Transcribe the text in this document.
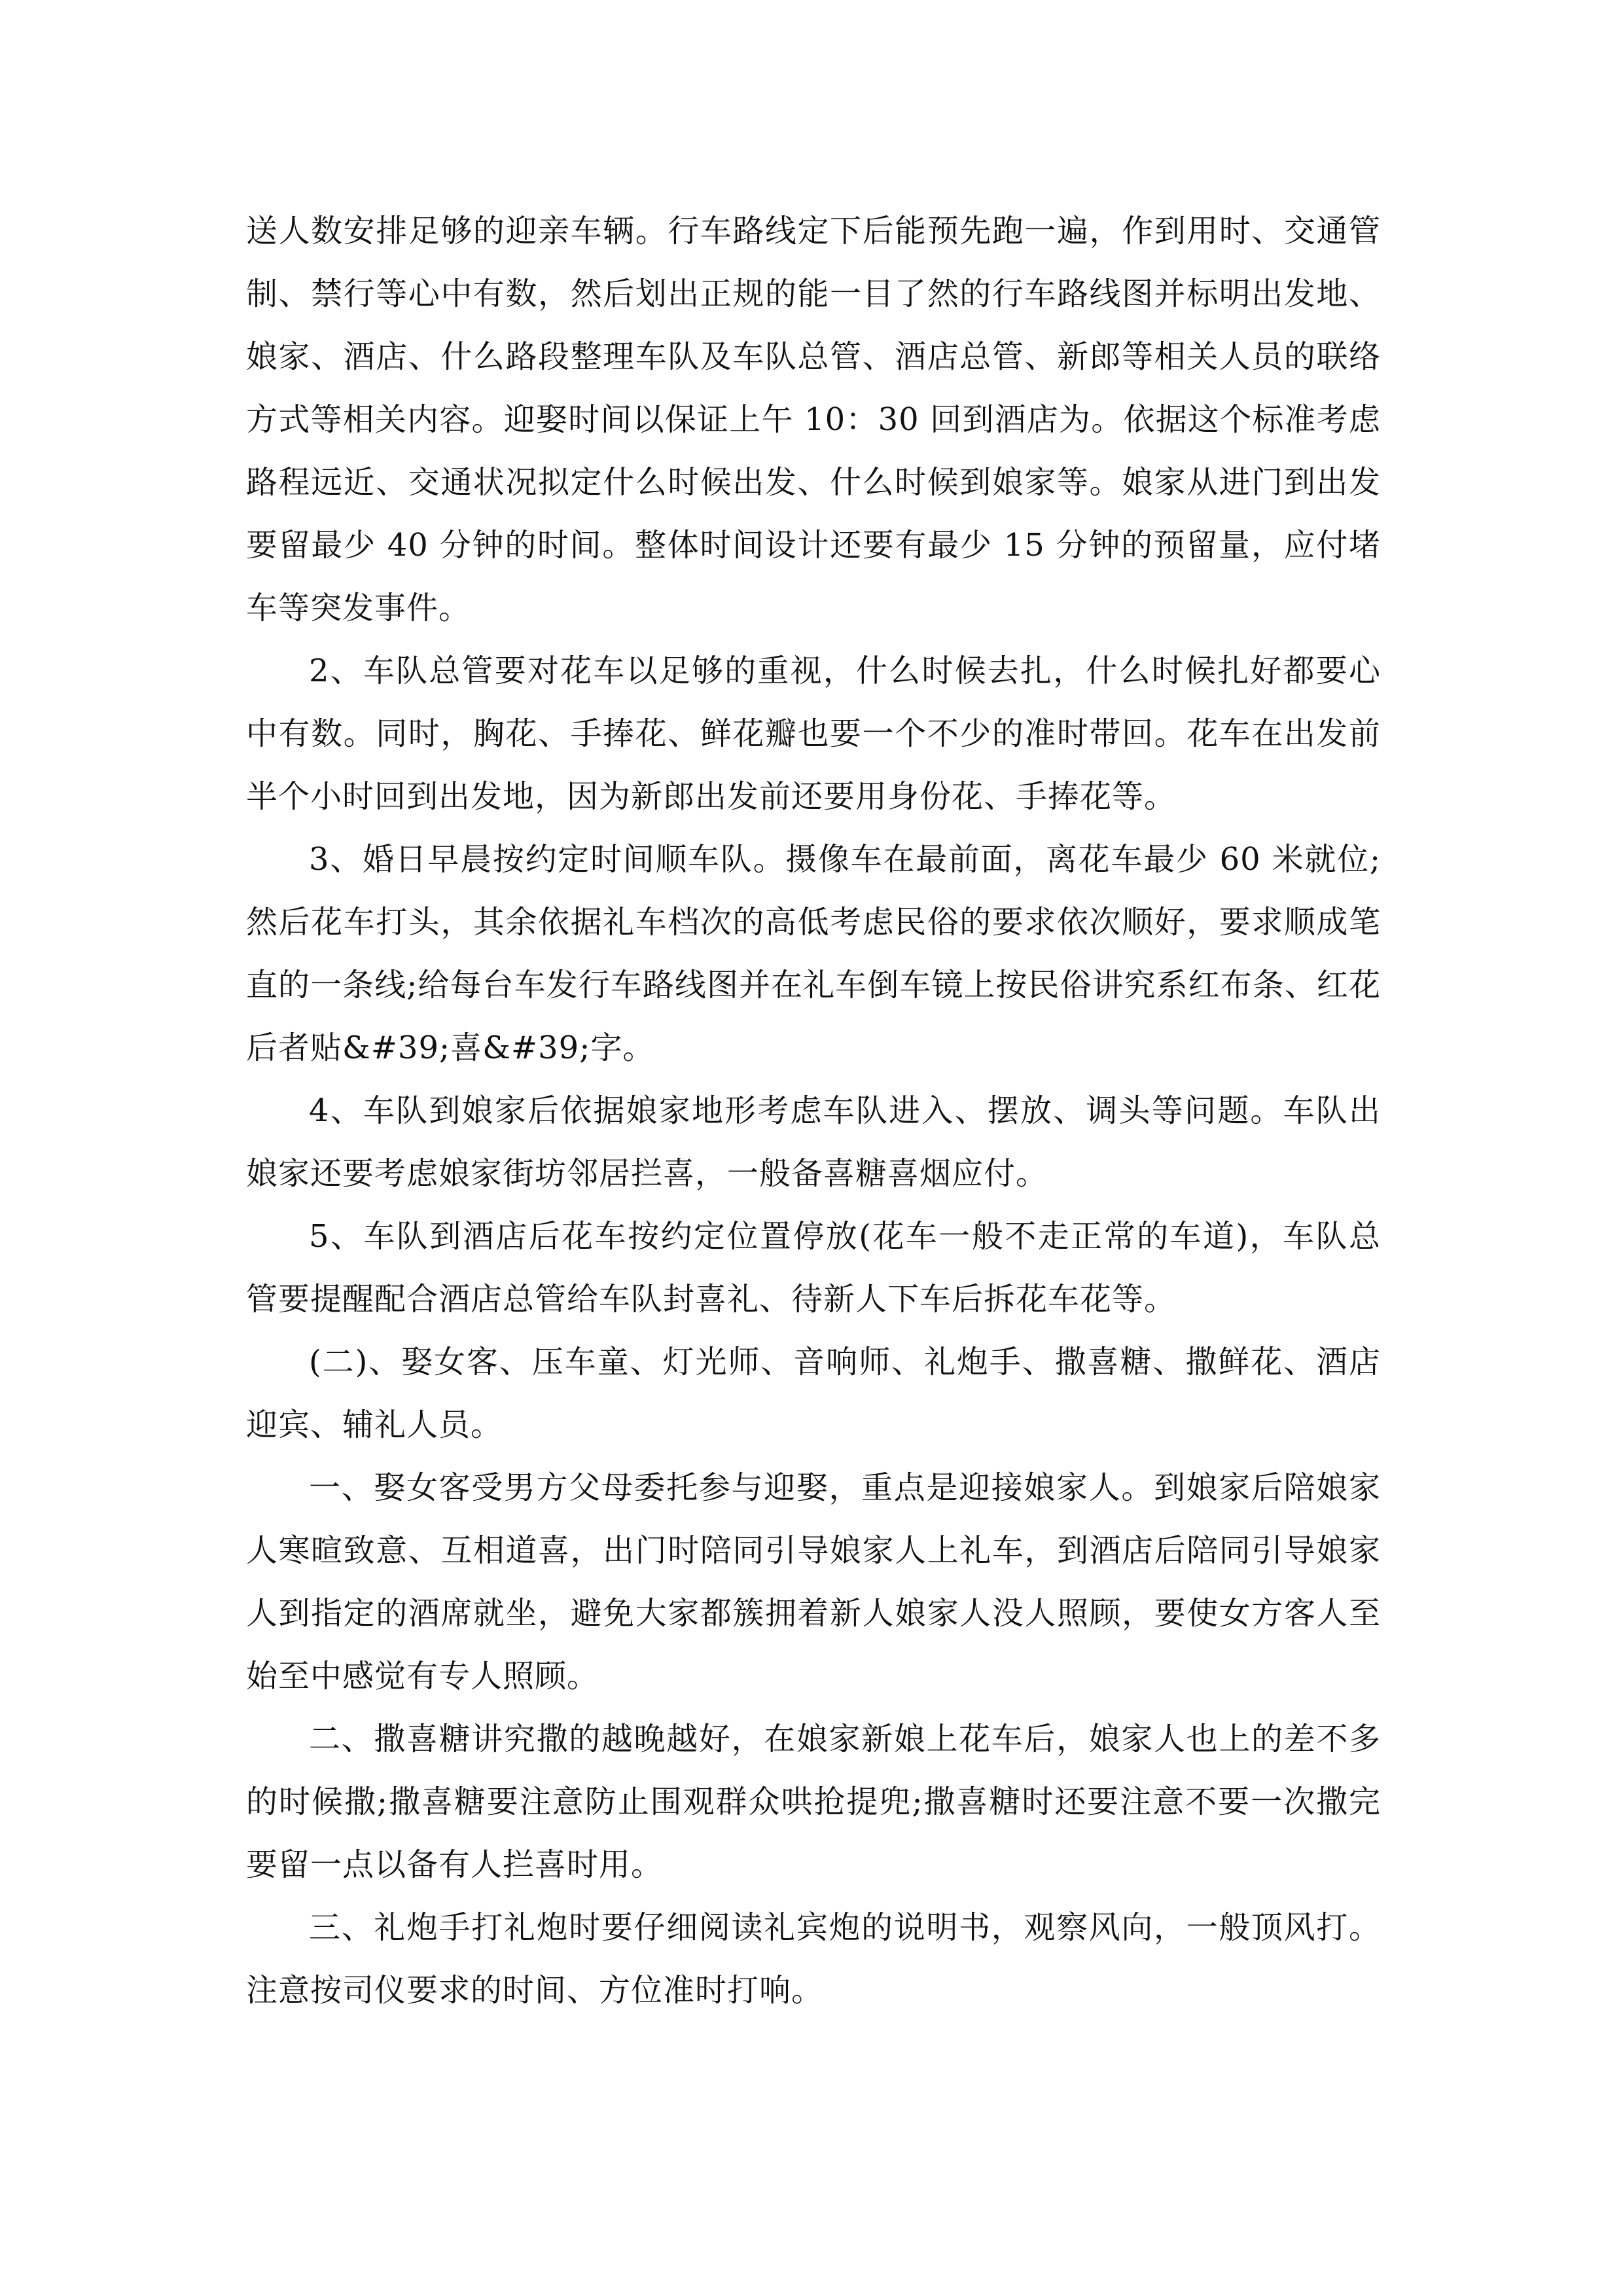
送人数安排足够的迎亲车辆。行车路线定下后能预先跑一遍，作到用时、交通管制、禁行等心中有数，然后划出正规的能一目了然的行车路线图并标明出发地、娘家、酒店、什么路段整理车队及车队总管、酒店总管、新郎等相关人员的联络方式等相关内容。迎娶时间以保证上午 10：30 回到酒店为。依据这个标准考虑路程远近、交通状况拟定什么时候出发、什么时候到娘家等。娘家从进门到出发要留最少 40 分钟的时间。整体时间设计还要有最少 15 分钟的预留量，应付堵车等突发事件。

2、车队总管要对花车以足够的重视，什么时候去扎，什么时候扎好都要心中有数。同时，胸花、手捧花、鲜花瓣也要一个不少的准时带回。花车在出发前半个小时回到出发地，因为新郎出发前还要用身份花、手捧花等。

3、婚日早晨按约定时间顺车队。摄像车在最前面，离花车最少 60 米就位;然后花车打头，其余依据礼车档次的高低考虑民俗的要求依次顺好，要求顺成笔直的一条线;给每台车发行车路线图并在礼车倒车镜上按民俗讲究系红布条、红花后者贴&#39;喜&#39;字。

4、车队到娘家后依据娘家地形考虑车队进入、摆放、调头等问题。车队出娘家还要考虑娘家街坊邻居拦喜，一般备喜糖喜烟应付。

5、车队到酒店后花车按约定位置停放(花车一般不走正常的车道)，车队总管要提醒配合酒店总管给车队封喜礼、待新人下车后拆花车花等。

(二)、娶女客、压车童、灯光师、音响师、礼炮手、撒喜糖、撒鲜花、酒店迎宾、辅礼人员。

一、娶女客受男方父母委托参与迎娶，重点是迎接娘家人。到娘家后陪娘家人寒暄致意、互相道喜，出门时陪同引导娘家人上礼车，到酒店后陪同引导娘家人到指定的酒席就坐，避免大家都簇拥着新人娘家人没人照顾，要使女方客人至始至中感觉有专人照顾。

二、撒喜糖讲究撒的越晚越好，在娘家新娘上花车后，娘家人也上的差不多的时候撒;撒喜糖要注意防止围观群众哄抢提兜;撒喜糖时还要注意不要一次撒完要留一点以备有人拦喜时用。

三、礼炮手打礼炮时要仔细阅读礼宾炮的说明书，观察风向，一般顶风打。注意按司仪要求的时间、方位准时打响。
